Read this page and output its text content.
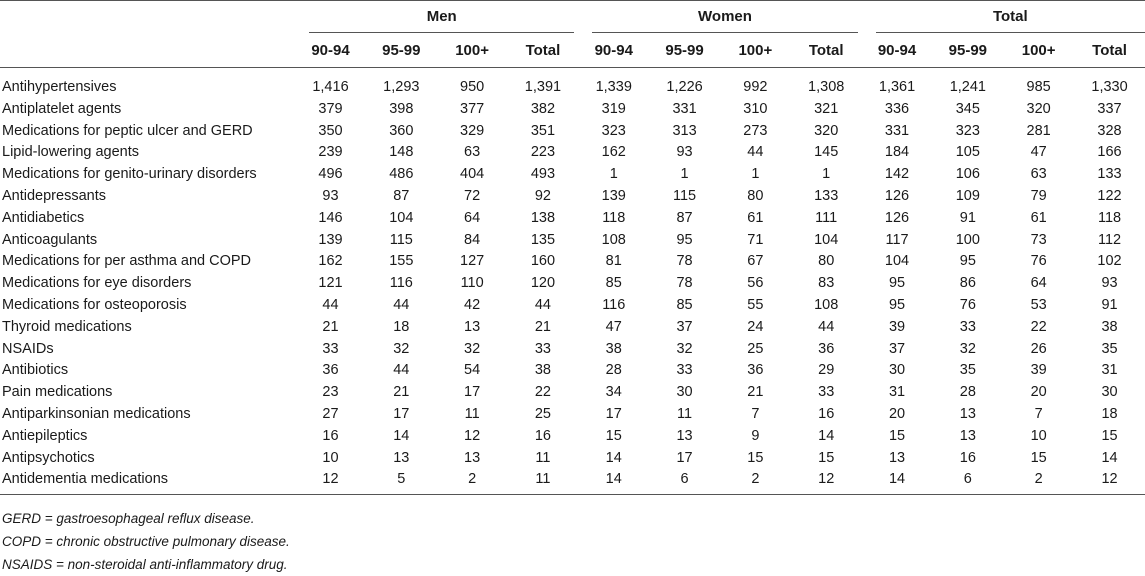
	Men				Women				Total			

	90-94	95-99	100+	Total	90-94	95-99	100+	Total	90-94	95-99	100+	Total
Antihypertensives	1,416	1,293	950	1,391	1,339	1,226	992	1,308	1,361	1,241	985	1,330
Antiplatelet agents	379	398	377	382	319	331	310	321	336	345	320	337
Medications for peptic ulcer and GERD	350	360	329	351	323	313	273	320	331	323	281	328
Lipid-lowering agents	239	148	63	223	162	93	44	145	184	105	47	166
Medications for genito-urinary disorders	496	486	404	493	1	1	1	1	142	106	63	133
Antidepressants	93	87	72	92	139	115	80	133	126	109	79	122
Antidiabetics	146	104	64	138	118	87	61	111	126	91	61	118
Anticoagulants	139	115	84	135	108	95	71	104	117	100	73	112
Medications for per asthma and COPD	162	155	127	160	81	78	67	80	104	95	76	102
Medications for eye disorders	121	116	110	120	85	78	56	83	95	86	64	93
Medications for osteoporosis	44	44	42	44	116	85	55	108	95	76	53	91
Thyroid medications	21	18	13	21	47	37	24	44	39	33	22	38
NSAIDs	33	32	32	33	38	32	25	36	37	32	26	35
Antibiotics	36	44	54	38	28	33	36	29	30	35	39	31
Pain medications	23	21	17	22	34	30	21	33	31	28	20	30
Antiparkinsonian medications	27	17	11	25	17	11	7	16	20	13	7	18
Antiepileptics	16	14	12	16	15	13	9	14	15	13	10	15
Antipsychotics	10	13	13	11	14	17	15	15	13	16	15	14
Antidementia medications	12	5	2	11	14	6	2	12	14	6	2	12
GERD = gastroesophageal reflux disease.
COPD = chronic obstructive pulmonary disease.
NSAIDS = non-steroidal anti-inflammatory drug.
